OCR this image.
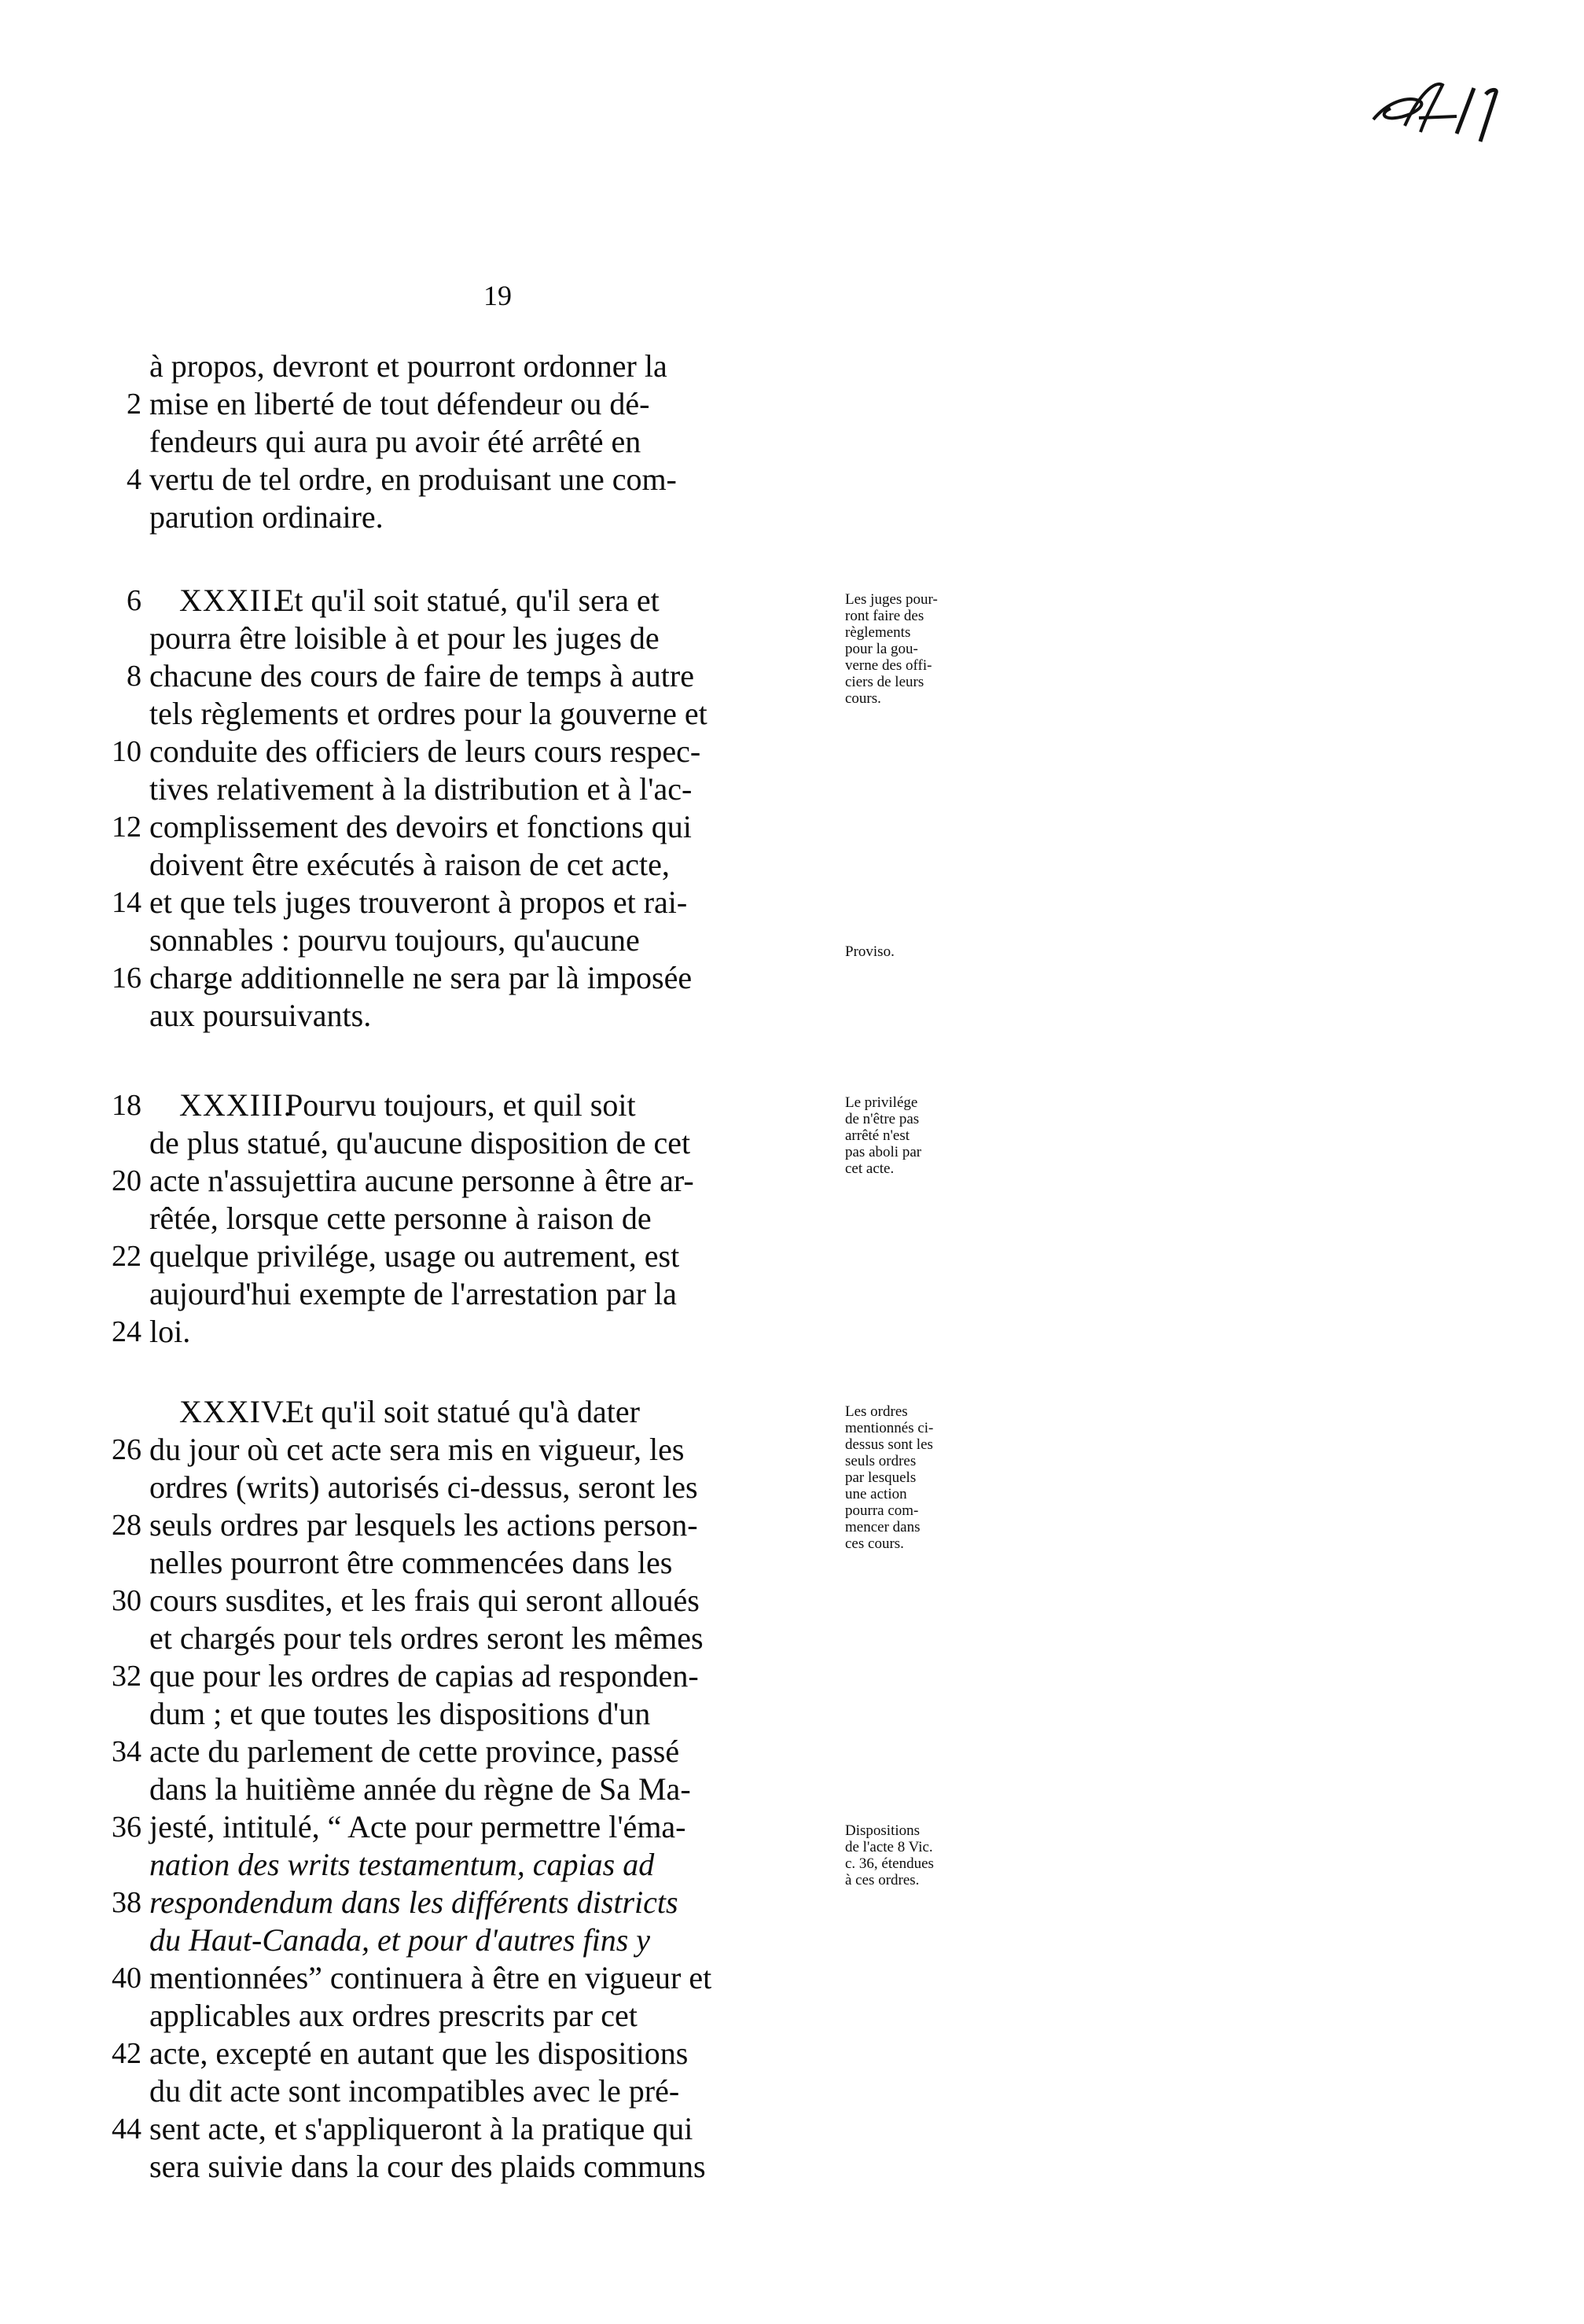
19
à propos, devront et pourront ordonner la
2 mise en liberté de tout défendeur ou dé-
fendeurs qui aura pu avoir été arrêté en
4 vertu de tel ordre, en produisant une com-
parution ordinaire.
6	XXXII. Et qu'il soit statué, qu'il sera et
pourra être loisible à et pour les juges de
8 chacune des cours de faire de temps à autre
tels règlements et ordres pour la gouverne et
10 conduite des officiers de leurs cours respec-
tives relativement à la distribution et à l'ac-
12 complissement des devoirs et fonctions qui
doivent être exécutés à raison de cet acte,
14 et que tels juges trouveront à propos et rai-
sonnables : pourvu toujours, qu'aucune
16 charge additionnelle ne sera par là imposée
aux poursuivants.
Les juges pour-
ront faire des
règlements
pour la gou-
verne des offi-
ciers de leurs
cours.
Proviso.
18	XXXIII. Pourvu toujours, et quil soit
de plus statué, qu'aucune disposition de cet
20 acte n'assujettira aucune personne à être ar-
rêtée, lorsque cette personne à raison de
22 quelque privilége, usage ou autrement, est
aujourd'hui exempte de l'arrestation par la
24 loi.
Le privilége
de n'être pas
arrêté n'est
pas aboli par
cet acte.
XXXIV. Et qu'il soit statué qu'à dater
26 du jour où cet acte sera mis en vigueur, les
ordres (writs) autorisés ci-dessus, seront les
28 seuls ordres par lesquels les actions person-
nelles pourront être commencées dans les
30 cours susdites, et les frais qui seront alloués
et chargés pour tels ordres seront les mêmes
32 que pour les ordres de capias ad responden-
dum ; et que toutes les dispositions d'un
34 acte du parlement de cette province, passé
dans la huitième année du règne de Sa Ma-
36 jesté, intitulé, “ Acte pour permettre l'éma-
nation des writs testamentum, capias ad
38 respondendum dans les différents districts
du Haut-Canada, et pour d'autres fins y
40 mentionnées” continuera à être en vigueur et
applicables aux ordres prescrits par cet
42 acte, excepté en autant que les dispositions
du dit acte sont incompatibles avec le pré-
44 sent acte, et s'appliqueront à la pratique qui
sera suivie dans la cour des plaids communs
Les ordres
mentionnés ci-
dessus sont les
seuls ordres
par lesquels
une action
pourra com-
mencer dans
ces cours.
Dispositions
de l'acte 8 Vic.
c. 36, étendues
à ces ordres.
